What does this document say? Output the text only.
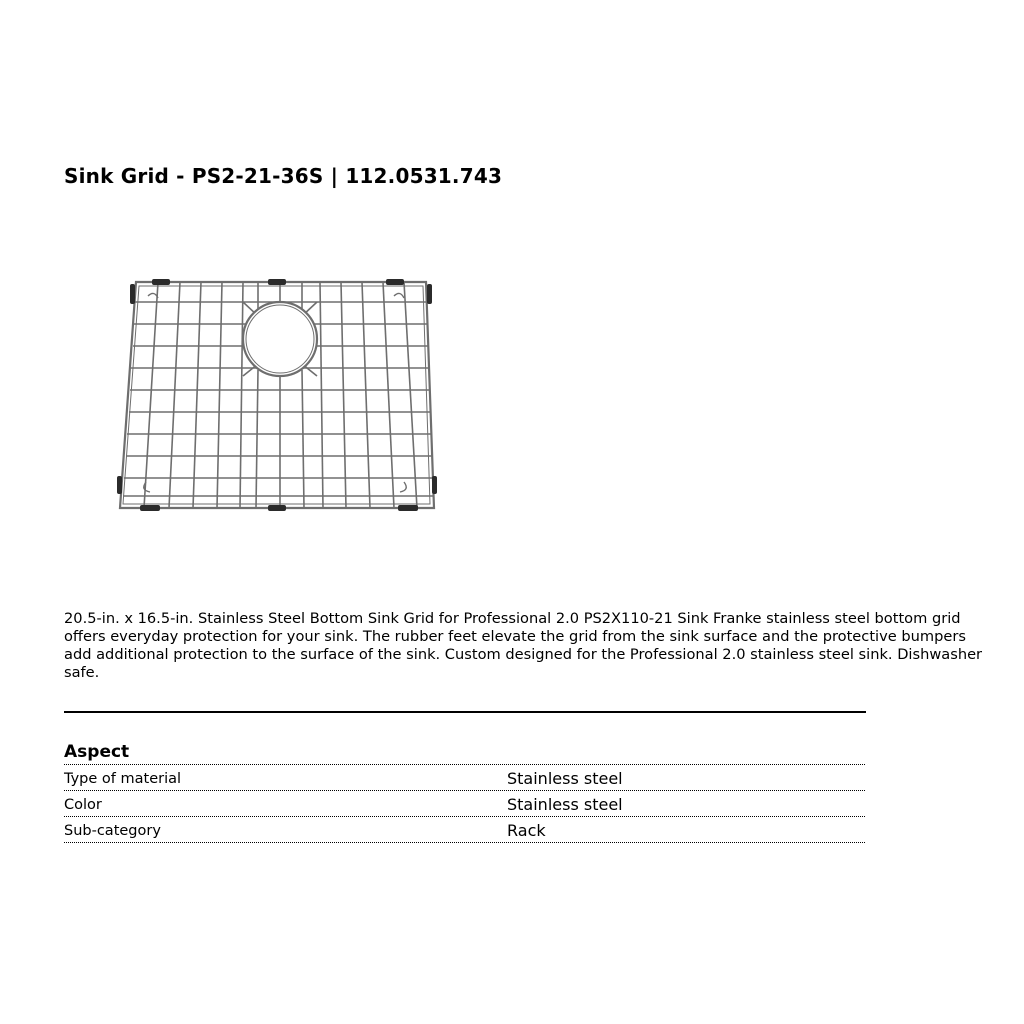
Sink Grid - PS2-21-36S | 112.0531.743

20.5-in. x 16.5-in. Stainless Steel Bottom Sink Grid for Professional 2.0 PS2X110-21 Sink Franke stainless steel bottom grid offers everyday protection for your sink. The rubber feet elevate the grid from the sink surface and the protective bumpers add additional protection to the surface of the sink. Custom designed for the Professional 2.0 stainless steel sink. Dishwasher safe.

Aspect
Type of material	Stainless steel
Color	Stainless steel
Sub-category	Rack
